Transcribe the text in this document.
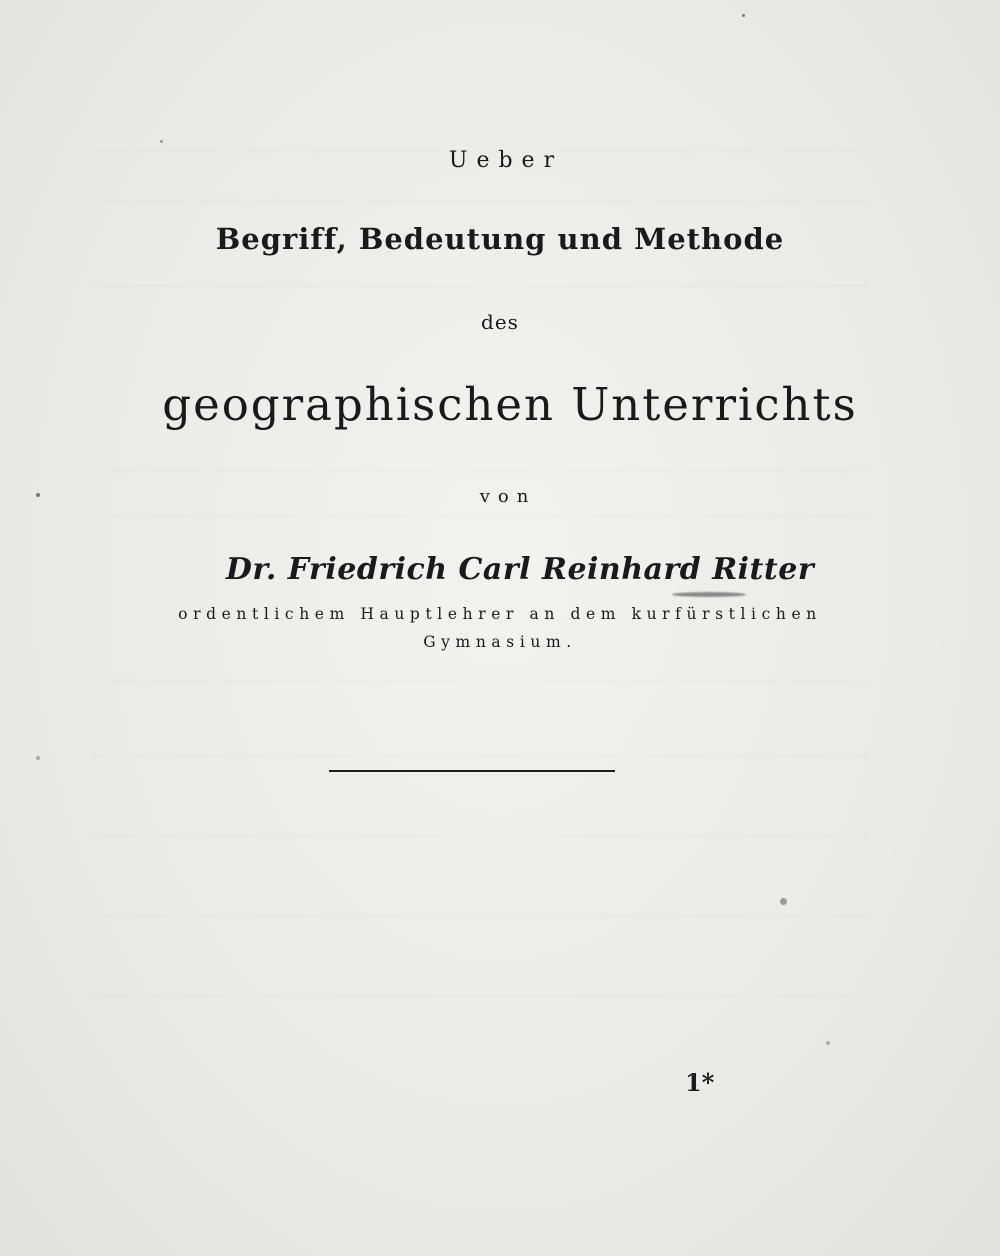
Ueber
Begriff, Bedeutung und Methode
des
geographischen Unterrichts
von
Dr. Friedrich Carl Reinhard Ritter
ordentlichem Hauptlehrer an dem kurfürstlichen
Gymnasium.
1*
